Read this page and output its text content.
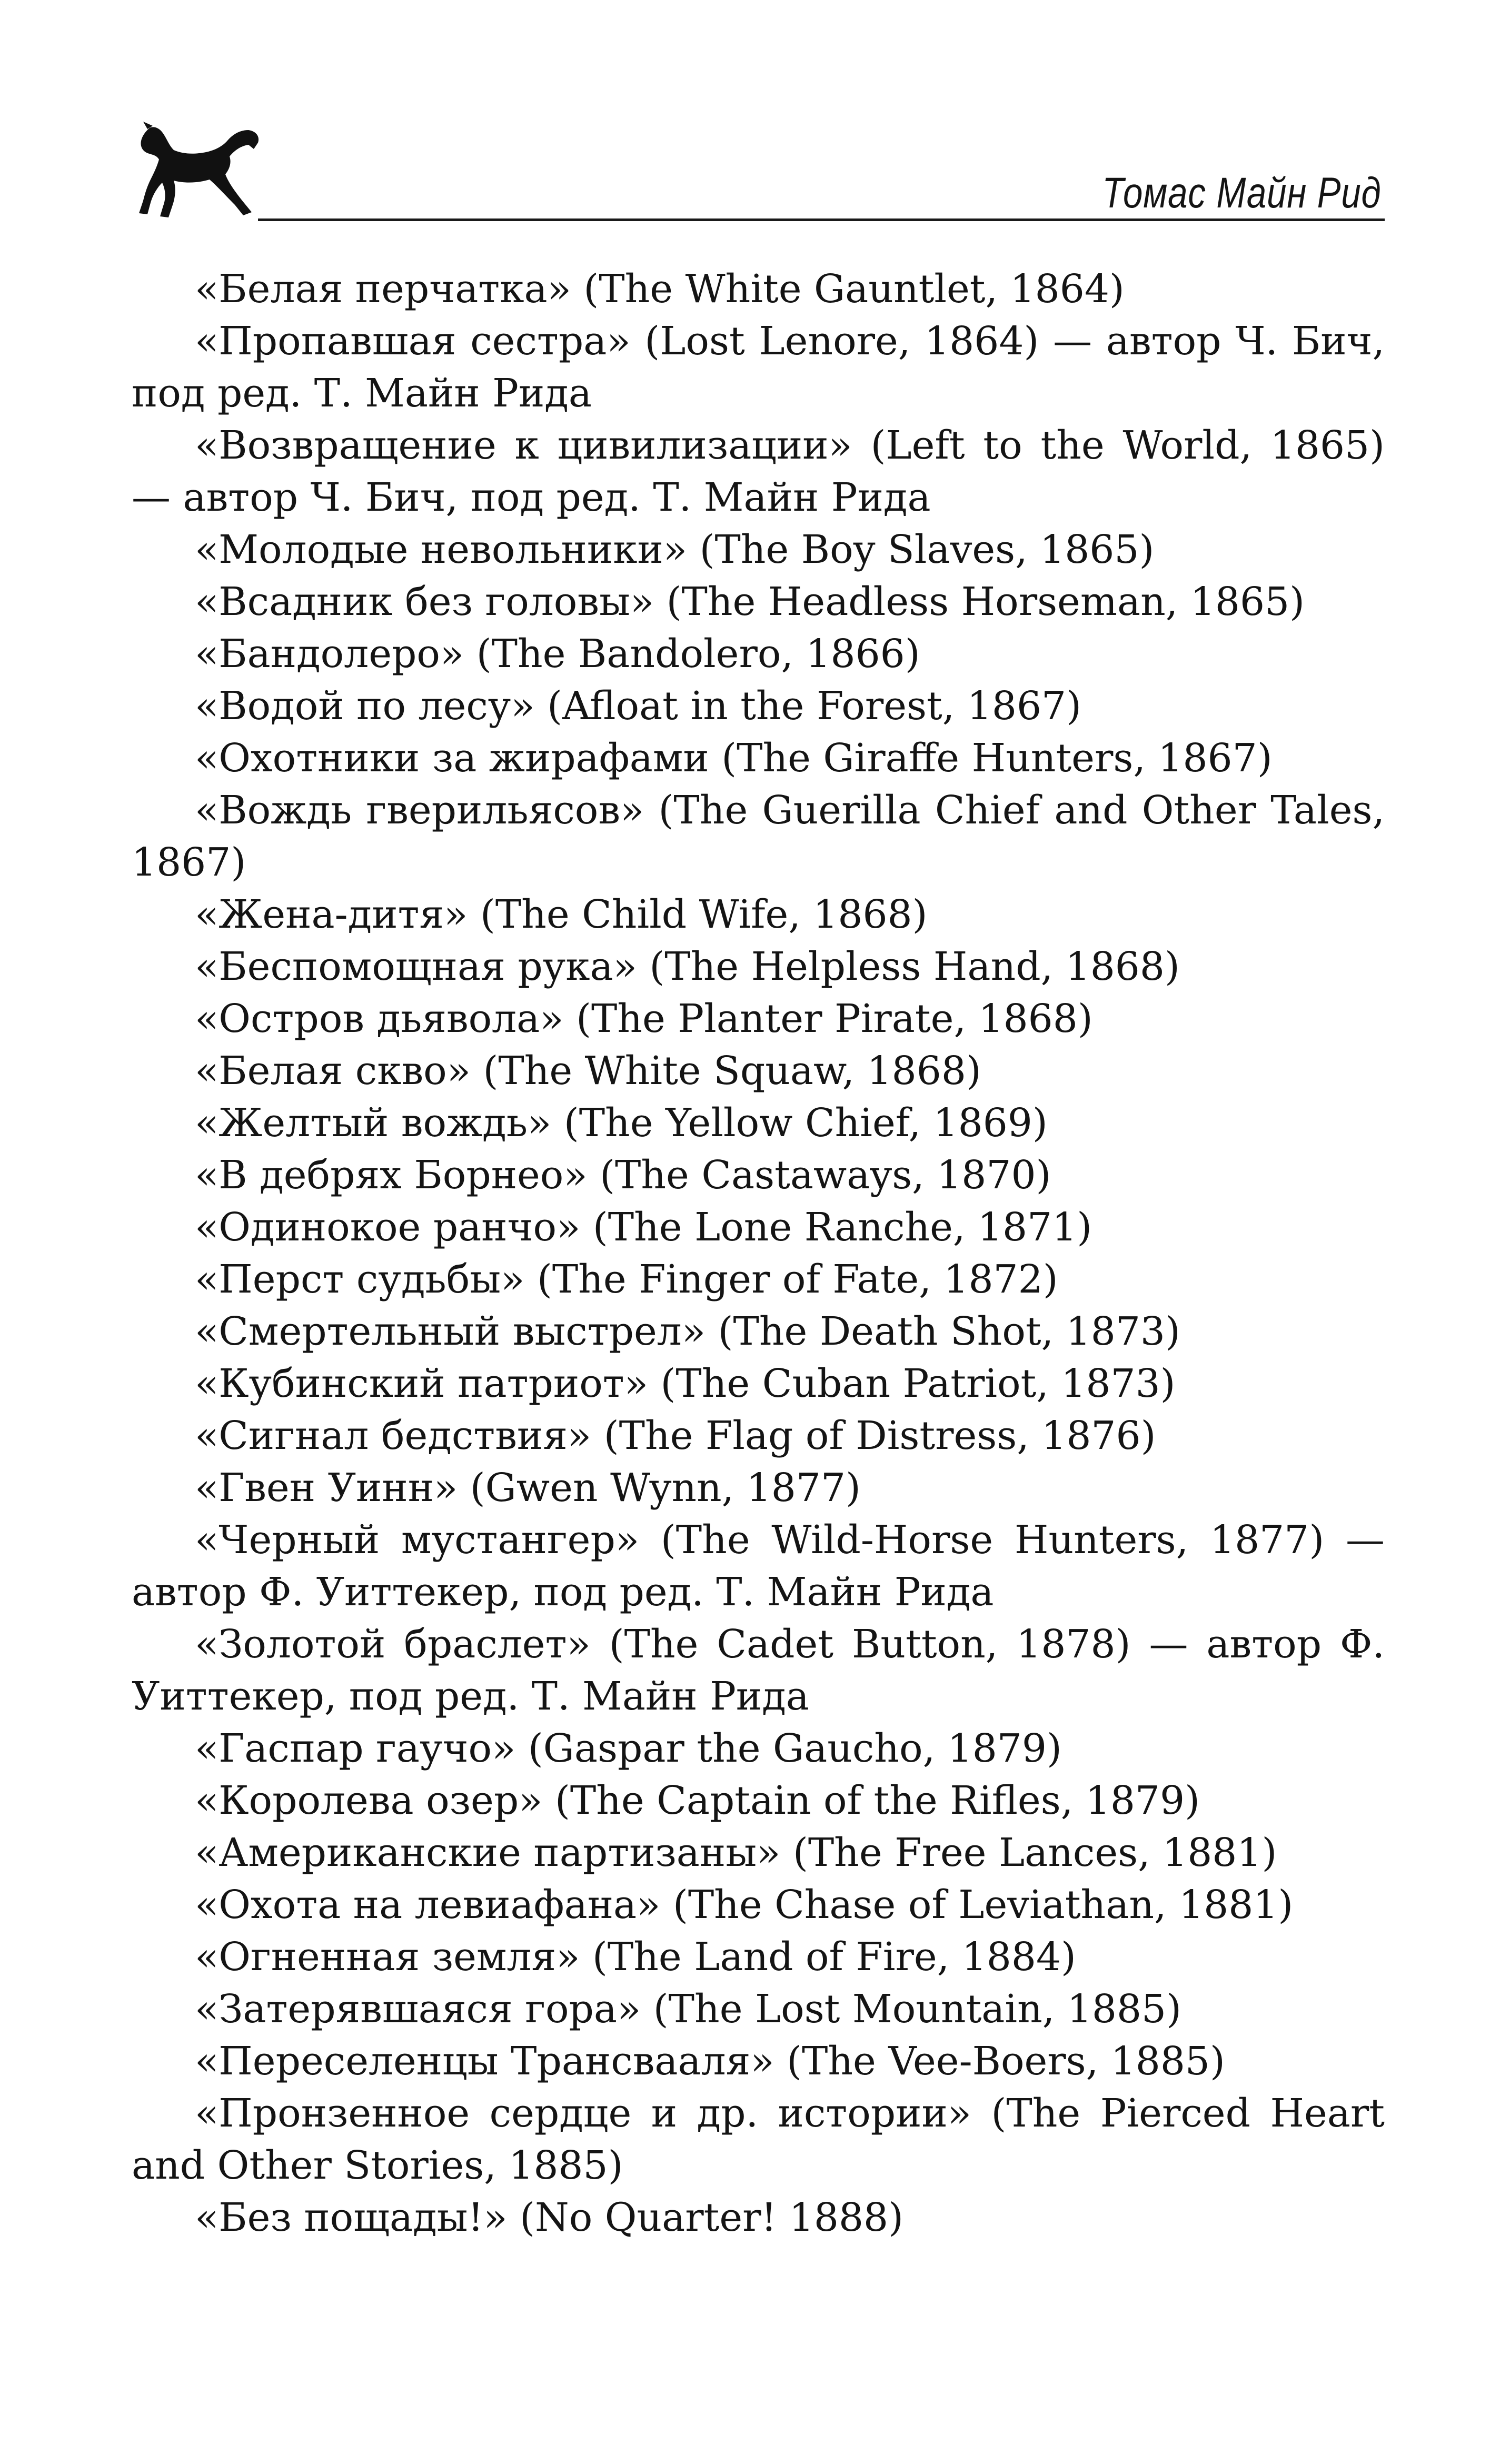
Томас Майн Рид
«Белая перчатка» (The White Gauntlet, 1864)
«Пропавшая сестра» (Lost Lenore, 1864) — автор Ч. Бич, под ред. Т. Майн Рида
«Возвращение к цивилизации» (Left to the World, 1865) — автор Ч. Бич, под ред. Т. Майн Рида
«Молодые невольники» (The Boy Slaves, 1865)
«Всадник без головы» (The Headless Horseman, 1865)
«Бандолеро» (The Bandolero, 1866)
«Водой по лесу» (Afloat in the Forest, 1867)
«Охотники за жирафами (The Giraffe Hunters, 1867)
«Вождь гверильясов» (The Guerilla Chief and Other Tales, 1867)
«Жена-дитя» (The Child Wife, 1868)
«Беспомощная рука» (The Helpless Hand, 1868)
«Остров дьявола» (The Planter Pirate, 1868)
«Белая скво» (The White Squaw, 1868)
«Желтый вождь» (The Yellow Chief, 1869)
«В дебрях Борнео» (The Castaways, 1870)
«Одинокое ранчо» (The Lone Ranche, 1871)
«Перст судьбы» (The Finger of Fate, 1872)
«Смертельный выстрел» (The Death Shot, 1873)
«Кубинский патриот» (The Cuban Patriot, 1873)
«Сигнал бедствия» (The Flag of Distress, 1876)
«Гвен Уинн» (Gwen Wynn, 1877)
«Черный мустангер» (The Wild-Horse Hunters, 1877) — автор Ф. Уиттекер, под ред. Т. Майн Рида
«Золотой браслет» (The Cadet Button, 1878) — автор Ф. Уиттекер, под ред. Т. Майн Рида
«Гаспар гаучо» (Gaspar the Gaucho, 1879)
«Королева озер» (The Captain of the Rifles, 1879)
«Американские партизаны» (The Free Lances, 1881)
«Охота на левиафана» (The Chase of Leviathan, 1881)
«Огненная земля» (The Land of Fire, 1884)
«Затерявшаяся гора» (The Lost Mountain, 1885)
«Переселенцы Трансвааля» (The Vee-Boers, 1885)
«Пронзенное сердце и др. истории» (The Pierced Heart and Other Stories, 1885)
«Без пощады!» (No Quarter! 1888)
